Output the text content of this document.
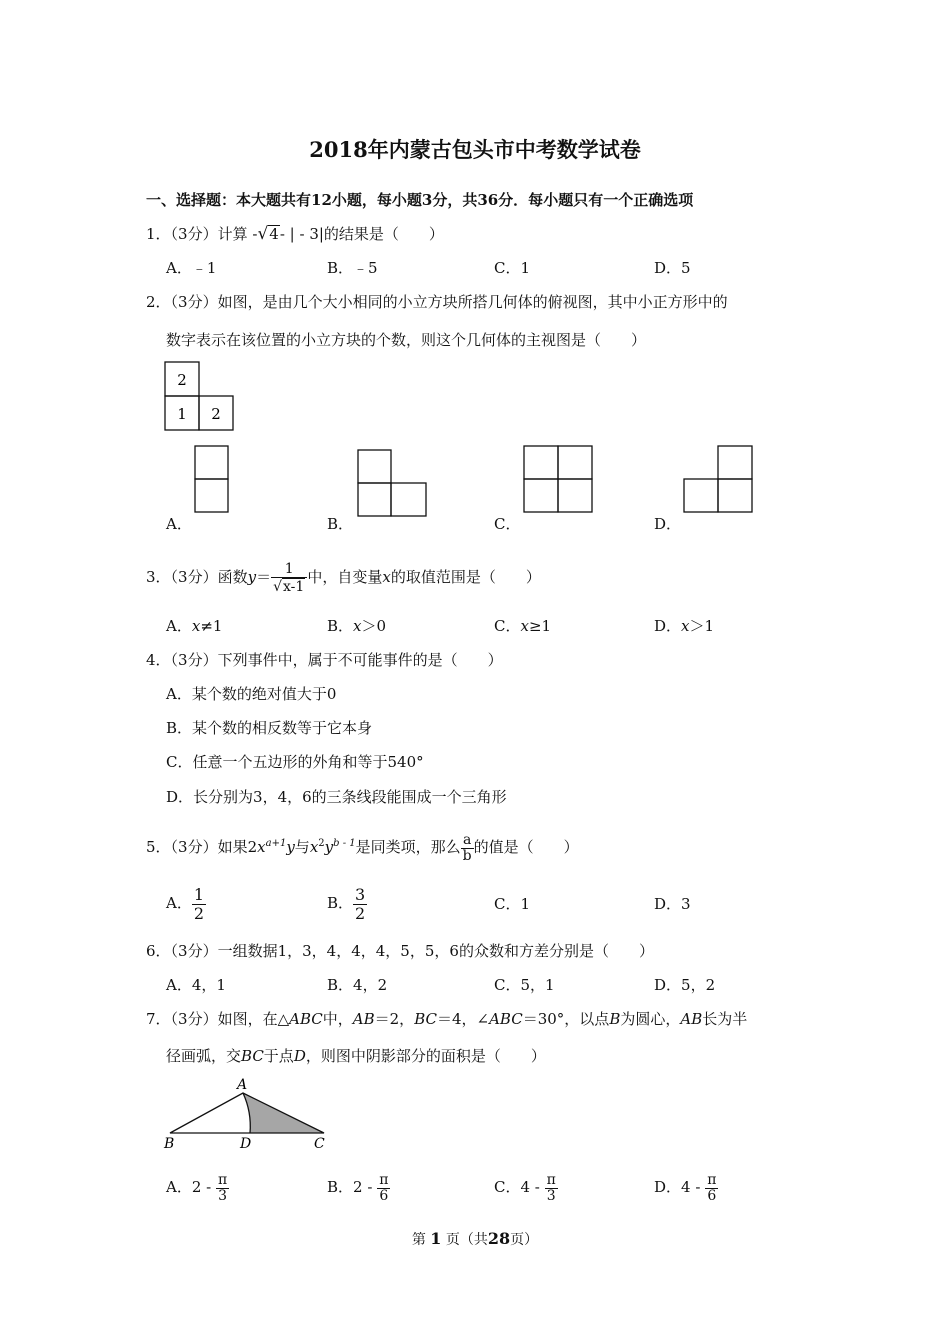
2018年内蒙古包头市中考数学试卷
一、选择题：本大题共有12小题，每小题3分，共36分．每小题只有一个正确选项
1．（3分）计算 -√4- | - 3|的结果是（　　）
A．﹣1	B．﹣5	C．1	D．5
2．（3分）如图，是由几个大小相同的小立方块所搭几何体的俯视图，其中小正方形中的
数字表示在该位置的小立方块的个数，则这个几何体的主视图是（　　）
2
1 2
A
B	D	C
A．	B．	C．	D．
3．（3分）函数$y= \frac{1}{√x-1}$ 中，自变量x的取值范围是（　　）
A．x≠1	B．x＞0	C．x≥1	D．x＞1
4．（3分）下列事件中，属于不可能事件的是（　　）
A．某个数的绝对值大于0
B．某个数的相反数等于它本身
C．任意一个五边形的外角和等于540°
D．长分别为3，4，6的三条线段能围成一个三角形
5．（3分）如果$2x^{a+1}y$与$x^2y^{b - 1}$是同类项，那么 $\frac{a}{b}$ 的值是（　　）
A． $\frac{1}{2}$	B． $\frac{3}{2}$	C．1	D．3
6．（3分）一组数据1，3，4，4，4，5，5，6的众数和方差分别是（　　）
A．4，1	B．4，2	C．5，1	D．5，2
7．（3分）如图，在△ABC中，AB＝2，BC＝4，∠ABC＝30°，以点B为圆心，AB长为半
径画弧，交BC于点D，则图中阴影部分的面积是（　　）
A．$2 - \frac{\pi}{3}$	B．$2 - \frac{\pi}{6}$	C．$4 - \frac{\pi}{3}$	D．$4 - \frac{\pi}{6}$
第 1 页（共28页）
